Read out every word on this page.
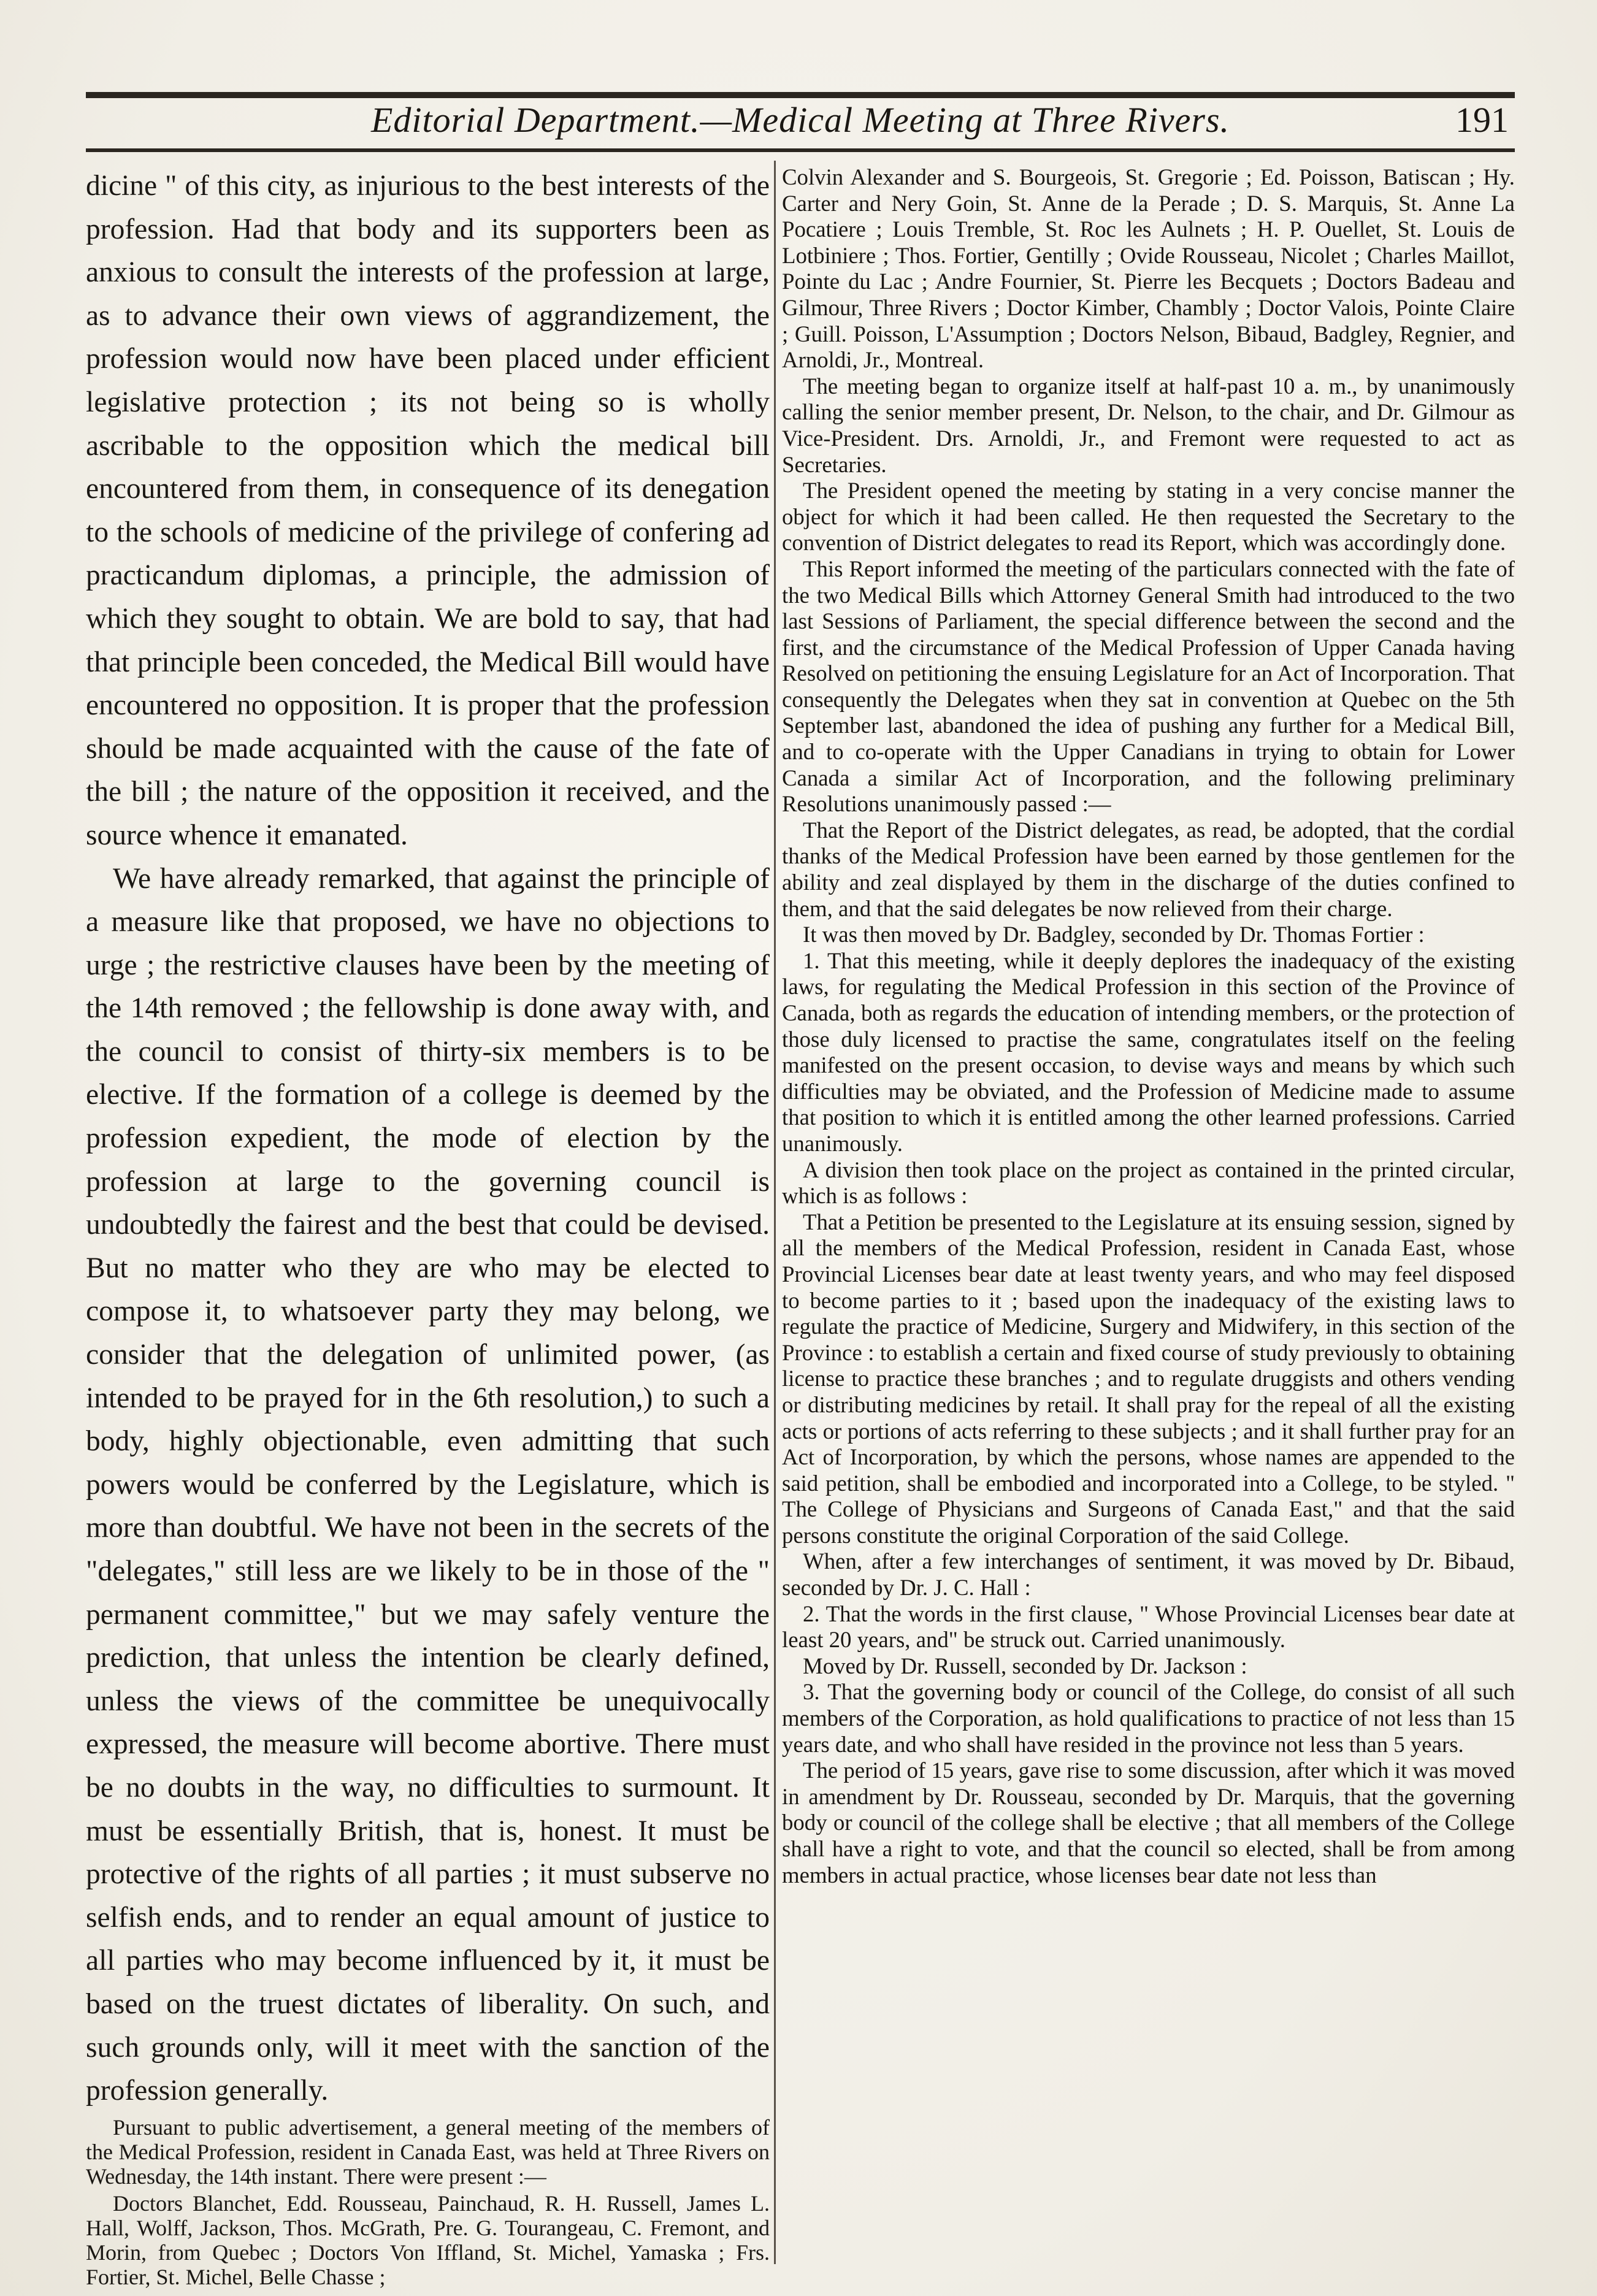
Editorial Department.—Medical Meeting at Three Rivers.	191

dicine " of this city, as injurious to the best interests of the profession. Had that body and its supporters been as anxious to consult the interests of the profession at large, as to advance their own views of aggrandizement, the profession would now have been placed under efficient legislative protection ; its not being so is wholly ascribable to the opposition which the medical bill encountered from them, in consequence of its denegation to the schools of medicine of the privilege of confering ad practicandum diplomas, a principle, the admission of which they sought to obtain. We are bold to say, that had that principle been conceded, the Medical Bill would have encountered no opposition. It is proper that the profession should be made acquainted with the cause of the fate of the bill ; the nature of the opposition it received, and the source whence it emanated.

We have already remarked, that against the principle of a measure like that proposed, we have no objections to urge ; the restrictive clauses have been by the meeting of the 14th removed ; the fellowship is done away with, and the council to consist of thirty-six members is to be elective. If the formation of a college is deemed by the profession expedient, the mode of election by the profession at large to the governing council is undoubtedly the fairest and the best that could be devised. But no matter who they are who may be elected to compose it, to whatsoever party they may belong, we consider that the delegation of unlimited power, (as intended to be prayed for in the 6th resolution,) to such a body, highly objectionable, even admitting that such powers would be conferred by the Legislature, which is more than doubtful. We have not been in the secrets of the "delegates," still less are we likely to be in those of the " permanent committee," but we may safely venture the prediction, that unless the intention be clearly defined, unless the views of the committee be unequivocally expressed, the measure will become abortive. There must be no doubts in the way, no difficulties to surmount. It must be essentially British, that is, honest. It must be protective of the rights of all parties ; it must subserve no selfish ends, and to render an equal amount of justice to all parties who may become influenced by it, it must be based on the truest dictates of liberality. On such, and such grounds only, will it meet with the sanction of the profession generally.

Pursuant to public advertisement, a general meeting of the members of the Medical Profession, resident in Canada East, was held at Three Rivers on Wednesday, the 14th instant. There were present :—

Doctors Blanchet, Edd. Rousseau, Painchaud, R. H. Russell, James L. Hall, Wolff, Jackson, Thos. McGrath, Pre. G. Tourangeau, C. Fremont, and Morin, from Quebec ; Doctors Von Iffland, St. Michel, Yamaska ; Frs. Fortier, St. Michel, Belle Chasse ;

Colvin Alexander and S. Bourgeois, St. Gregorie ; Ed. Poisson, Batiscan ; Hy. Carter and Nery Goin, St. Anne de la Perade ; D. S. Marquis, St. Anne La Pocatiere ; Louis Tremble, St. Roc les Aulnets ; H. P. Ouellet, St. Louis de Lotbiniere ; Thos. Fortier, Gentilly ; Ovide Rousseau, Nicolet ; Charles Maillot, Pointe du Lac ; Andre Fournier, St. Pierre les Becquets ; Doctors Badeau and Gilmour, Three Rivers ; Doctor Kimber, Chambly ; Doctor Valois, Pointe Claire ; Guill. Poisson, L'Assumption ; Doctors Nelson, Bibaud, Badgley, Regnier, and Arnoldi, Jr., Montreal.

The meeting began to organize itself at half-past 10 a. m., by unanimously calling the senior member present, Dr. Nelson, to the chair, and Dr. Gilmour as Vice-President. Drs. Arnoldi, Jr., and Fremont were requested to act as Secretaries.

The President opened the meeting by stating in a very concise manner the object for which it had been called. He then requested the Secretary to the convention of District delegates to read its Report, which was accordingly done.

This Report informed the meeting of the particulars connected with the fate of the two Medical Bills which Attorney General Smith had introduced to the two last Sessions of Parliament, the special difference between the second and the first, and the circumstance of the Medical Profession of Upper Canada having Resolved on petitioning the ensuing Legislature for an Act of Incorporation. That consequently the Delegates when they sat in convention at Quebec on the 5th September last, abandoned the idea of pushing any further for a Medical Bill, and to co-operate with the Upper Canadians in trying to obtain for Lower Canada a similar Act of Incorporation, and the following preliminary Resolutions unanimously passed :—

That the Report of the District delegates, as read, be adopted, that the cordial thanks of the Medical Profession have been earned by those gentlemen for the ability and zeal displayed by them in the discharge of the duties confined to them, and that the said delegates be now relieved from their charge.

It was then moved by Dr. Badgley, seconded by Dr. Thomas Fortier :

1. That this meeting, while it deeply deplores the inadequacy of the existing laws, for regulating the Medical Profession in this section of the Province of Canada, both as regards the education of intending members, or the protection of those duly licensed to practise the same, congratulates itself on the feeling manifested on the present occasion, to devise ways and means by which such difficulties may be obviated, and the Profession of Medicine made to assume that position to which it is entitled among the other learned professions. Carried unanimously.

A division then took place on the project as contained in the printed circular, which is as follows :

That a Petition be presented to the Legislature at its ensuing session, signed by all the members of the Medical Profession, resident in Canada East, whose Provincial Licenses bear date at least twenty years, and who may feel disposed to become parties to it ; based upon the inadequacy of the existing laws to regulate the practice of Medicine, Surgery and Midwifery, in this section of the Province : to establish a certain and fixed course of study previously to obtaining license to practice these branches ; and to regulate druggists and others vending or distributing medicines by retail. It shall pray for the repeal of all the existing acts or portions of acts referring to these subjects ; and it shall further pray for an Act of Incorporation, by which the persons, whose names are appended to the said petition, shall be embodied and incorporated into a College, to be styled. " The College of Physicians and Surgeons of Canada East," and that the said persons constitute the original Corporation of the said College.

When, after a few interchanges of sentiment, it was moved by Dr. Bibaud, seconded by Dr. J. C. Hall :

2. That the words in the first clause, " Whose Provincial Licenses bear date at least 20 years, and" be struck out. Carried unanimously.

Moved by Dr. Russell, seconded by Dr. Jackson :

3. That the governing body or council of the College, do consist of all such members of the Corporation, as hold qualifications to practice of not less than 15 years date, and who shall have resided in the province not less than 5 years.

The period of 15 years, gave rise to some discussion, after which it was moved in amendment by Dr. Rousseau, seconded by Dr. Marquis, that the governing body or council of the college shall be elective ; that all members of the College shall have a right to vote, and that the council so elected, shall be from among members in actual practice, whose licenses bear date not less than
